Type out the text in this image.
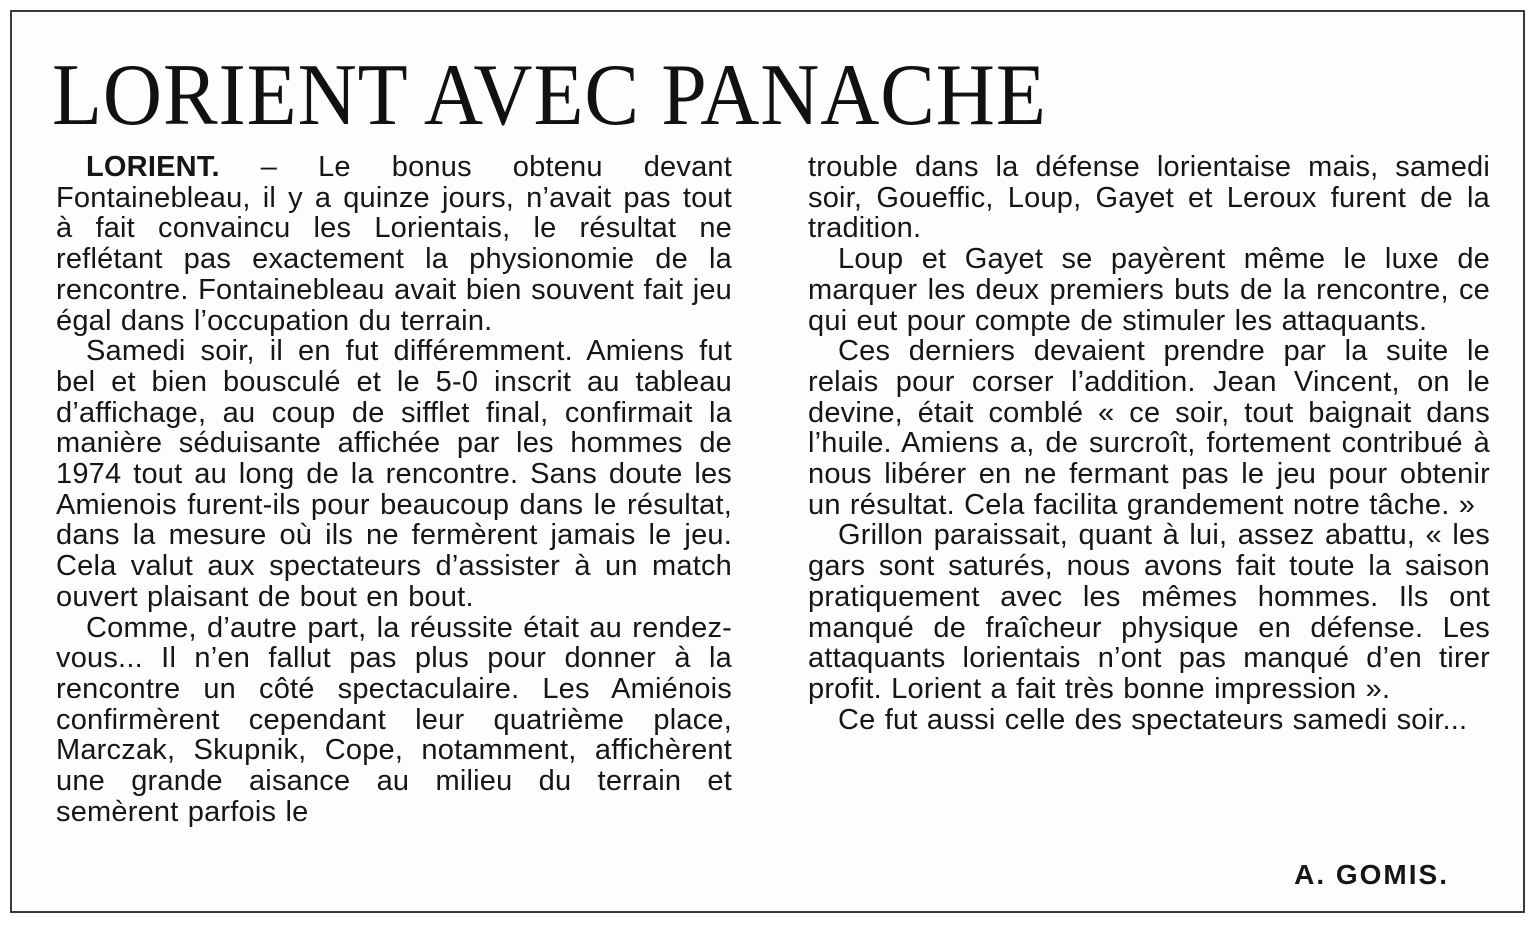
LORIENT AVEC PANACHE

LORIENT. – Le bonus obtenu devant Fontainebleau, il y a quinze jours, n’avait pas tout à fait convaincu les Lorientais, le résultat ne reflétant pas exactement la physionomie de la rencontre. Fontainebleau avait bien souvent fait jeu égal dans l’occupation du terrain.

Samedi soir, il en fut différemment. Amiens fut bel et bien bousculé et le 5-0 inscrit au tableau d’affichage, au coup de sifflet final, confirmait la manière séduisante affichée par les hommes de 1974 tout au long de la rencontre. Sans doute les Amienois furent-ils pour beaucoup dans le résultat, dans la mesure où ils ne fermèrent jamais le jeu. Cela valut aux spectateurs d’assister à un match ouvert plaisant de bout en bout.

Comme, d’autre part, la réussite était au rendez-vous... Il n’en fallut pas plus pour donner à la rencontre un côté spectaculaire. Les Amiénois confirmèrent cependant leur quatrième place, Marczak, Skupnik, Cope, notamment, affichèrent une grande aisance au milieu du terrain et semèrent parfois le

trouble dans la défense lorientaise mais, samedi soir, Goueffic, Loup, Gayet et Leroux furent de la tradition.

Loup et Gayet se payèrent même le luxe de marquer les deux premiers buts de la rencontre, ce qui eut pour compte de stimuler les attaquants.

Ces derniers devaient prendre par la suite le relais pour corser l’addition. Jean Vincent, on le devine, était comblé « ce soir, tout baignait dans l’huile. Amiens a, de surcroît, fortement contribué à nous libérer en ne fermant pas le jeu pour obtenir un résultat. Cela facilita grandement notre tâche. »

Grillon paraissait, quant à lui, assez abattu, « les gars sont saturés, nous avons fait toute la saison pratiquement avec les mêmes hommes. Ils ont manqué de fraîcheur physique en défense. Les attaquants lorientais n’ont pas manqué d’en tirer profit. Lorient a fait très bonne impression ».

Ce fut aussi celle des spectateurs samedi soir...

A. GOMIS.
